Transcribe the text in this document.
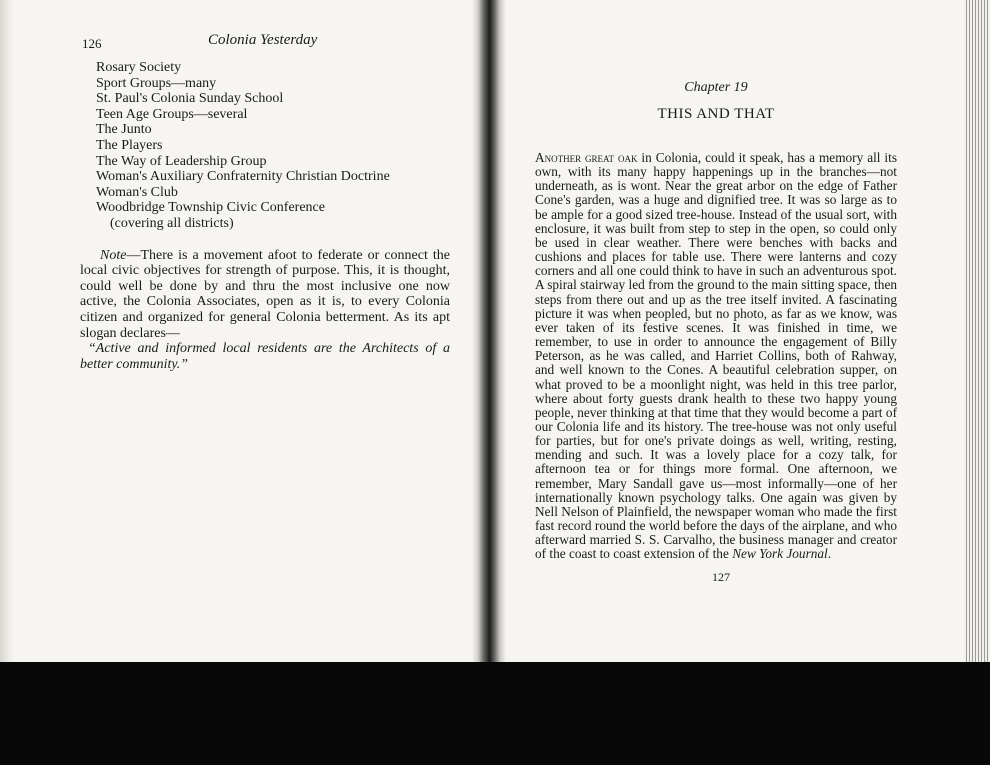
126	Colonia Yesterday
Rosary Society
Sport Groups—many
St. Paul's Colonia Sunday School
Teen Age Groups—several
The Junto
The Players
The Way of Leadership Group
Woman's Auxiliary Confraternity Christian Doctrine
Woman's Club
Woodbridge Township Civic Conference
(covering all districts)

Note—There is a movement afoot to federate or connect the local civic objectives for strength of purpose. This, it is thought, could well be done by and thru the most inclusive one now active, the Colonia Associates, open as it is, to every Colonia citizen and organized for general Colonia betterment. As its apt slogan declares—

“Active and informed local residents are the Architects of a better community.”

Chapter 19
THIS AND THAT

Another great oak in Colonia, could it speak, has a memory all its own, with its many happy happenings up in the branches—not underneath, as is wont. Near the great arbor on the edge of Father Cone's garden, was a huge and dignified tree. It was so large as to be ample for a good sized tree-house. Instead of the usual sort, with enclosure, it was built from step to step in the open, so could only be used in clear weather. There were benches with backs and cushions and places for table use. There were lanterns and cozy corners and all one could think to have in such an adventurous spot. A spiral stairway led from the ground to the main sitting space, then steps from there out and up as the tree itself invited. A fascinating picture it was when peopled, but no photo, as far as we know, was ever taken of its festive scenes. It was finished in time, we remember, to use in order to announce the engagement of Billy Peterson, as he was called, and Harriet Collins, both of Rahway, and well known to the Cones. A beautiful celebration supper, on what proved to be a moonlight night, was held in this tree parlor, where about forty guests drank health to these two happy young people, never thinking at that time that they would become a part of our Colonia life and its history. The tree-house was not only useful for parties, but for one's private doings as well, writing, resting, mending and such. It was a lovely place for a cozy talk, for afternoon tea or for things more formal. One afternoon, we remember, Mary Sandall gave us—most informally—one of her internationally known psychology talks. One again was given by Nell Nelson of Plainfield, the newspaper woman who made the first fast record round the world before the days of the airplane, and who afterward married S. S. Carvalho, the business manager and creator of the coast to coast extension of the New York Journal.

127
